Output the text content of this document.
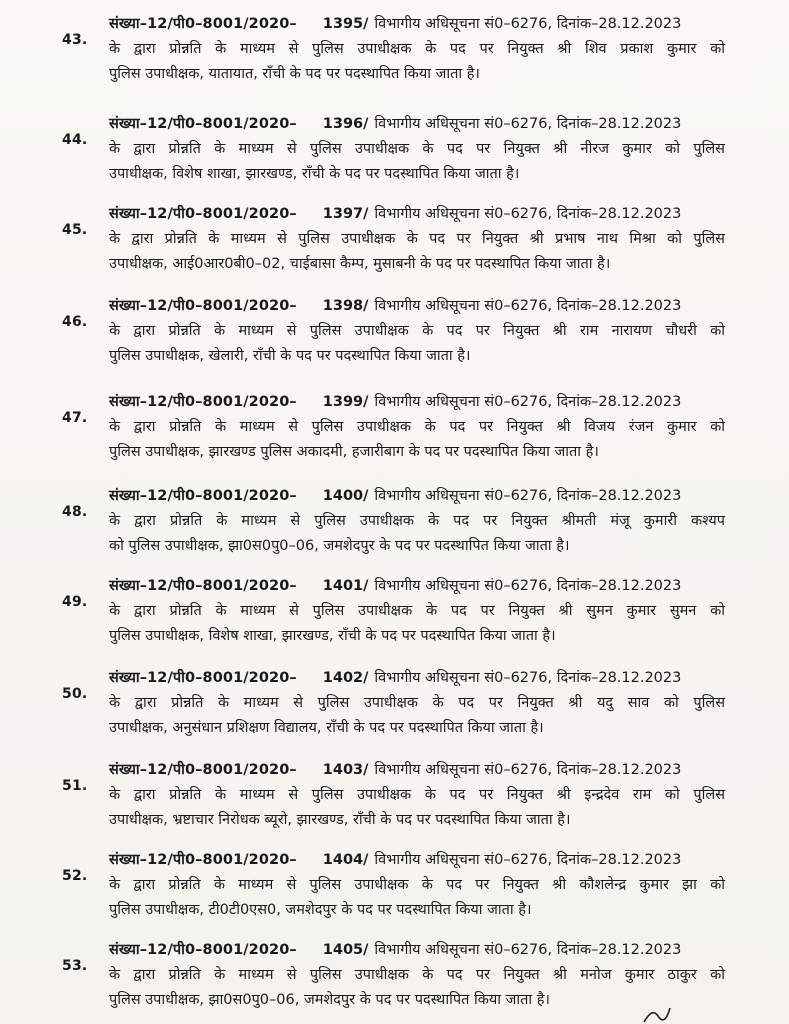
43.
संख्या–12/पी0–8001/2020– 1395/ विभागीय अधिसूचना सं0–6276, दिनांक–28.12.2023
के द्वारा प्रोन्नति के माध्यम से पुलिस उपाधीक्षक के पद पर नियुक्त श्री शिव प्रकाश कुमार को
पुलिस उपाधीक्षक, यातायात, राँची के पद पर पदस्थापित किया जाता है।
44.
संख्या–12/पी0–8001/2020– 1396/ विभागीय अधिसूचना सं0–6276, दिनांक–28.12.2023
के द्वारा प्रोन्नति के माध्यम से पुलिस उपाधीक्षक के पद पर नियुक्त श्री नीरज कुमार को पुलिस
उपाधीक्षक, विशेष शाखा, झारखण्ड, राँची के पद पर पदस्थापित किया जाता है।
45.
संख्या–12/पी0–8001/2020– 1397/ विभागीय अधिसूचना सं0–6276, दिनांक–28.12.2023
के द्वारा प्रोन्नति के माध्यम से पुलिस उपाधीक्षक के पद पर नियुक्त श्री प्रभाष नाथ मिश्रा को पुलिस
उपाधीक्षक, आई0आर0बी0–02, चाईबासा कैम्प, मुसाबनी के पद पर पदस्थापित किया जाता है।
46.
संख्या–12/पी0–8001/2020– 1398/ विभागीय अधिसूचना सं0–6276, दिनांक–28.12.2023
के द्वारा प्रोन्नति के माध्यम से पुलिस उपाधीक्षक के पद पर नियुक्त श्री राम नारायण चौधरी को
पुलिस उपाधीक्षक, खेलारी, राँची के पद पर पदस्थापित किया जाता है।
47.
संख्या–12/पी0–8001/2020– 1399/ विभागीय अधिसूचना सं0–6276, दिनांक–28.12.2023
के द्वारा प्रोन्नति के माध्यम से पुलिस उपाधीक्षक के पद पर नियुक्त श्री विजय रंजन कुमार को
पुलिस उपाधीक्षक, झारखण्ड पुलिस अकादमी, हजारीबाग के पद पर पदस्थापित किया जाता है।
48.
संख्या–12/पी0–8001/2020– 1400/ विभागीय अधिसूचना सं0–6276, दिनांक–28.12.2023
के द्वारा प्रोन्नति के माध्यम से पुलिस उपाधीक्षक के पद पर नियुक्त श्रीमती मंजू कुमारी कश्यप
को पुलिस उपाधीक्षक, झा0स0पु0–06, जमशेदपुर के पद पर पदस्थापित किया जाता है।
49.
संख्या–12/पी0–8001/2020– 1401/ विभागीय अधिसूचना सं0–6276, दिनांक–28.12.2023
के द्वारा प्रोन्नति के माध्यम से पुलिस उपाधीक्षक के पद पर नियुक्त श्री सुमन कुमार सुमन को
पुलिस उपाधीक्षक, विशेष शाखा, झारखण्ड, राँची के पद पर पदस्थापित किया जाता है।
50.
संख्या–12/पी0–8001/2020– 1402/ विभागीय अधिसूचना सं0–6276, दिनांक–28.12.2023
के द्वारा प्रोन्नति के माध्यम से पुलिस उपाधीक्षक के पद पर नियुक्त श्री यदु साव को पुलिस
उपाधीक्षक, अनुसंधान प्रशिक्षण विद्यालय, राँची के पद पर पदस्थापित किया जाता है।
51.
संख्या–12/पी0–8001/2020– 1403/ विभागीय अधिसूचना सं0–6276, दिनांक–28.12.2023
के द्वारा प्रोन्नति के माध्यम से पुलिस उपाधीक्षक के पद पर नियुक्त श्री इन्द्रदेव राम को पुलिस
उपाधीक्षक, भ्रष्टाचार निरोधक ब्यूरो, झारखण्ड, राँची के पद पर पदस्थापित किया जाता है।
52.
संख्या–12/पी0–8001/2020– 1404/ विभागीय अधिसूचना सं0–6276, दिनांक–28.12.2023
के द्वारा प्रोन्नति के माध्यम से पुलिस उपाधीक्षक के पद पर नियुक्त श्री कौशलेन्द्र कुमार झा को
पुलिस उपाधीक्षक, टी0टी0एस0, जमशेदपुर के पद पर पदस्थापित किया जाता है।
53.
संख्या–12/पी0–8001/2020– 1405/ विभागीय अधिसूचना सं0–6276, दिनांक–28.12.2023
के द्वारा प्रोन्नति के माध्यम से पुलिस उपाधीक्षक के पद पर नियुक्त श्री मनोज कुमार ठाकुर को
पुलिस उपाधीक्षक, झा0स0पु0–06, जमशेदपुर के पद पर पदस्थापित किया जाता है।
